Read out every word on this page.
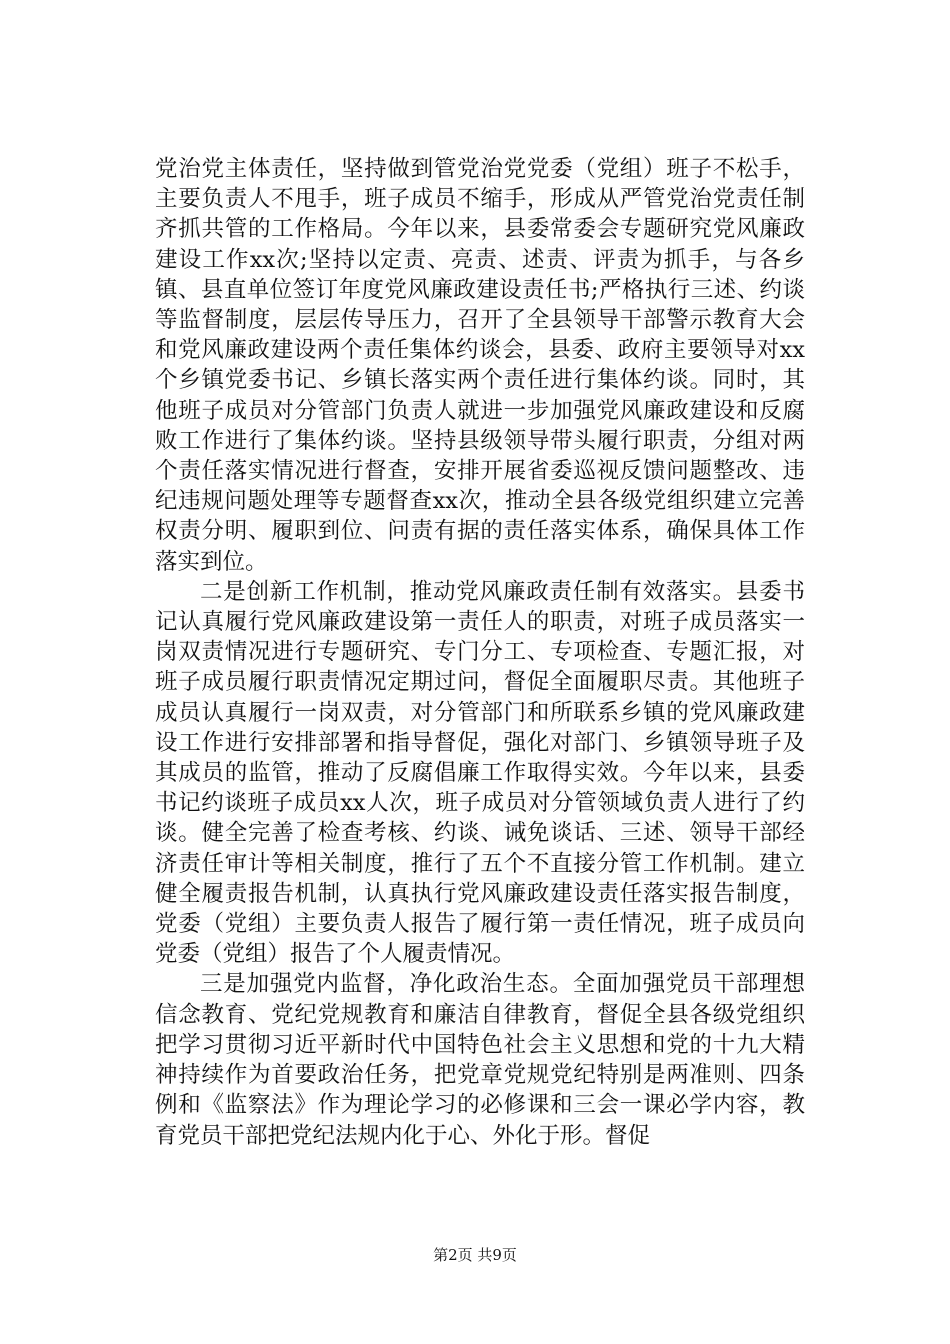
党治党主体责任，坚持做到管党治党党委（党组）班子不松手，主要负责人不甩手，班子成员不缩手，形成从严管党治党责任制齐抓共管的工作格局。今年以来，县委常委会专题研究党风廉政建设工作xx次;坚持以定责、亮责、述责、评责为抓手，与各乡镇、县直单位签订年度党风廉政建设责任书;严格执行三述、约谈等监督制度，层层传导压力，召开了全县领导干部警示教育大会和党风廉政建设两个责任集体约谈会，县委、政府主要领导对xx个乡镇党委书记、乡镇长落实两个责任进行集体约谈。同时，其他班子成员对分管部门负责人就进一步加强党风廉政建设和反腐败工作进行了集体约谈。坚持县级领导带头履行职责，分组对两个责任落实情况进行督查，安排开展省委巡视反馈问题整改、违纪违规问题处理等专题督查xx次，推动全县各级党组织建立完善权责分明、履职到位、问责有据的责任落实体系，确保具体工作落实到位。

二是创新工作机制，推动党风廉政责任制有效落实。县委书记认真履行党风廉政建设第一责任人的职责，对班子成员落实一岗双责情况进行专题研究、专门分工、专项检查、专题汇报，对班子成员履行职责情况定期过问，督促全面履职尽责。其他班子成员认真履行一岗双责，对分管部门和所联系乡镇的党风廉政建设工作进行安排部署和指导督促，强化对部门、乡镇领导班子及其成员的监管，推动了反腐倡廉工作取得实效。今年以来，县委书记约谈班子成员xx人次，班子成员对分管领域负责人进行了约谈。健全完善了检查考核、约谈、诫免谈话、三述、领导干部经济责任审计等相关制度，推行了五个不直接分管工作机制。建立健全履责报告机制，认真执行党风廉政建设责任落实报告制度，党委（党组）主要负责人报告了履行第一责任情况，班子成员向党委（党组）报告了个人履责情况。

三是加强党内监督，净化政治生态。全面加强党员干部理想信念教育、党纪党规教育和廉洁自律教育，督促全县各级党组织把学习贯彻习近平新时代中国特色社会主义思想和党的十九大精神持续作为首要政治任务，把党章党规党纪特别是两准则、四条例和《监察法》作为理论学习的必修课和三会一课必学内容，教育党员干部把党纪法规内化于心、外化于形。督促

第2页 共9页
